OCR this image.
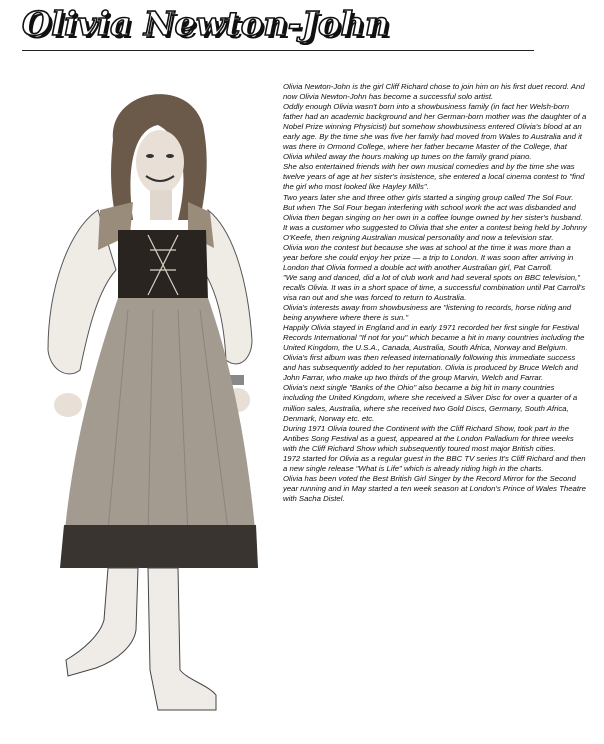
Olivia Newton-John

Olivia Newton-John is the girl Cliff Richard chose to join him on his first duet record. And now Olivia Newton-John has become a successful solo artist.

Oddly enough Olivia wasn't born into a showbusiness family (in fact her Welsh-born father had an academic background and her German-born mother was the daughter of a Nobel Prize winning Physicist) but somehow showbusiness entered Olivia's blood at an early age. By the time she was five her family had moved from Wales to Australia and it was there in Ormond College, where her father became Master of the College, that Olivia whiled away the hours making up tunes on the family grand piano.

She also entertained friends with her own musical comedies and by the time she was twelve years of age at her sister's insistence, she entered a local cinema contest to "find the girl who most looked like Hayley Mills".

Two years later she and three other girls started a singing group called The Sol Four. But when The Sol Four began interfering with school work the act was disbanded and Olivia then began singing on her own in a coffee lounge owned by her sister's husband.

It was a customer who suggested to Olivia that she enter a contest being held by Johnny O'Keefe, then reigning Australian musical personality and now a television star.

Olivia won the contest but because she was at school at the time it was more than a year before she could enjoy her prize — a trip to London. It was soon after arriving in London that Olivia formed a double act with another Australian girl, Pat Carroll.

"We sang and danced, did a lot of club work and had several spots on BBC television," recalls Olivia. It was in a short space of time, a successful combination until Pat Carroll's visa ran out and she was forced to return to Australia.

Olivia's interests away from showbusiness are "listening to records, horse riding and being anywhere where there is sun."

Happily Olivia stayed in England and in early 1971 recorded her first single for Festival Records International "If not for you" which became a hit in many countries including the United Kingdom, the U.S.A., Canada, Australia, South Africa, Norway and Belgium.

Olivia's first album was then released internationally following this immediate success and has subsequently added to her reputation. Olivia is produced by Bruce Welch and John Farrar, who make up two thirds of the group Marvin, Welch and Farrar.

Olivia's next single "Banks of the Ohio" also became a big hit in many countries including the United Kingdom, where she received a Silver Disc for over a quarter of a million sales, Australia, where she received two Gold Discs, Germany, South Africa, Denmark, Norway etc. etc.

During 1971 Olivia toured the Continent with the Cliff Richard Show, took part in the Antibes Song Festival as a guest, appeared at the London Palladium for three weeks with the Cliff Richard Show which subsequently toured most major British cities.

1972 started for Olivia as a regular guest in the BBC TV series It's Cliff Richard and then a new single release "What is Life" which is already riding high in the charts.

Olivia has been voted the Best British Girl Singer by the Record Mirror for the Second year running and in May started a ten week season at London's Prince of Wales Theatre with Sacha Distel.
